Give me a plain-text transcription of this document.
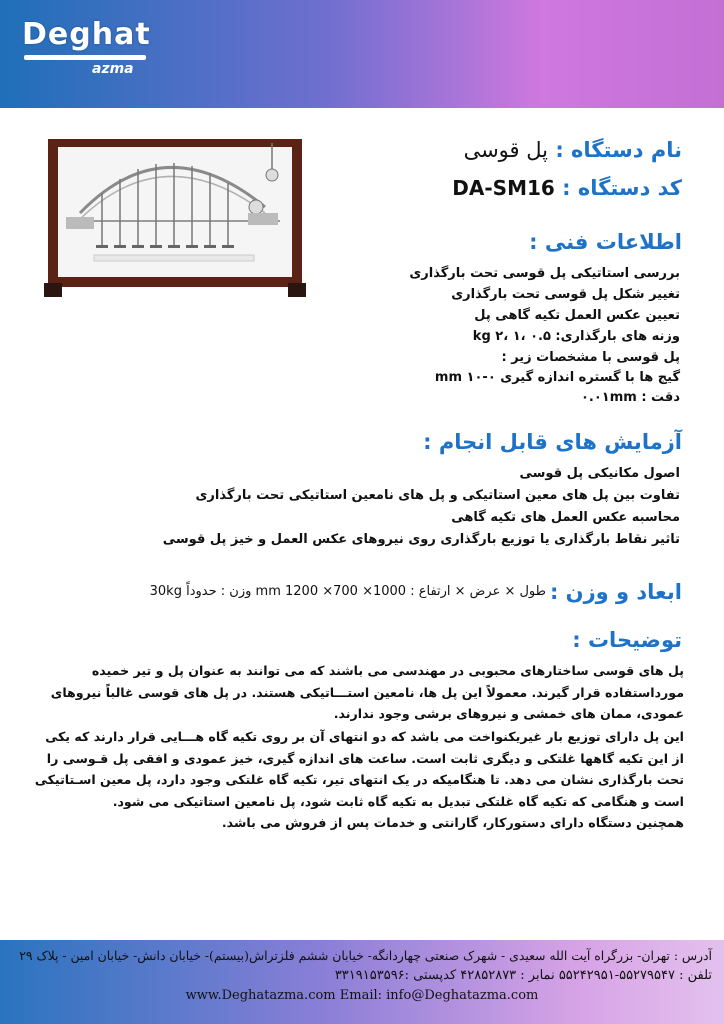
Deghat
azma
نام دستگاه : پل قوسی
کد دستگاه : DA-SM16
اطلاعات فنی :
بررسی استاتیکی پل قوسی تحت بارگذاری
تغییر شکل پل قوسی تحت بارگذاری
تعیین عکس العمل تکیه گاهی پل
وزنه های بارگذاری: ۰.۵ ،۱ ،۲ kg
پل قوسی با مشخصات زیر :
گیج ها با گستره اندازه گیری ۰-۱۰ mm
دقت : ۰.۰۱mm
آزمایش های قابل انجام :
اصول مکانیکی پل قوسی
تفاوت بین پل های معین استاتیکی و پل های نامعین استاتیکی تحت بارگذاری
محاسبه عکس العمل های تکیه گاهی
تاثیر نقاط بارگذاری یا توزیع بارگذاری روی نیروهای عکس العمل و خیز پل قوسی
ابعاد و وزن :
طول × عرض × ارتفاع : 1000× 700× 1200 mm وزن : حدوداً 30kg
توضیحات :
پل های قوسی ساختارهای محبوبی در مهندسی می باشند که می توانند به عنوان پل و تیر خمیده مورداستفاده قرار گیرند. معمولاً این پل ها، نامعین استـــاتیکی هستند. در پل های قوسی غالباً نیروهای عمودی، ممان های خمشی و نیروهای برشی وجود ندارند.
این پل دارای توزیع بار غیریکنواخت می باشد که دو انتهای آن بر روی تکیه گاه هـــایی قرار دارند که یکی از این تکیه گاهها غلتکی و دیگری ثابت است. ساعت های اندازه گیری، خیز عمودی و افقی پل قـوسی را تحت بارگذاری نشان می دهد. تا هنگامیکه در یک انتهای تیر، تکیه گاه غلتکی وجود دارد، پل معین اسـتاتیکی است و هنگامی که تکیه گاه غلتکی تبدیل به تکیه گاه ثابت شود، پل نامعین استاتیکی می شود.
همچنین دستگاه دارای دستورکار، گارانتی و خدمات پس از فروش می باشد.
آدرس : تهران- بزرگراه آیت الله سعیدی - شهرک صنعتی چهاردانگه- خیابان ششم فلزتراش(بیستم)- خیابان دانش- خیابان امین - پلاک ۲۹
تلفن : ۵۵۲۷۹۵۴۷-۵۵۲۴۲۹۵۱ نمابر : ۴۲۸۵۲۸۷۳ کدپستی :۳۳۱۹۱۵۳۵۹۶
www.Deghatazma.com Email: info@Deghatazma.com
